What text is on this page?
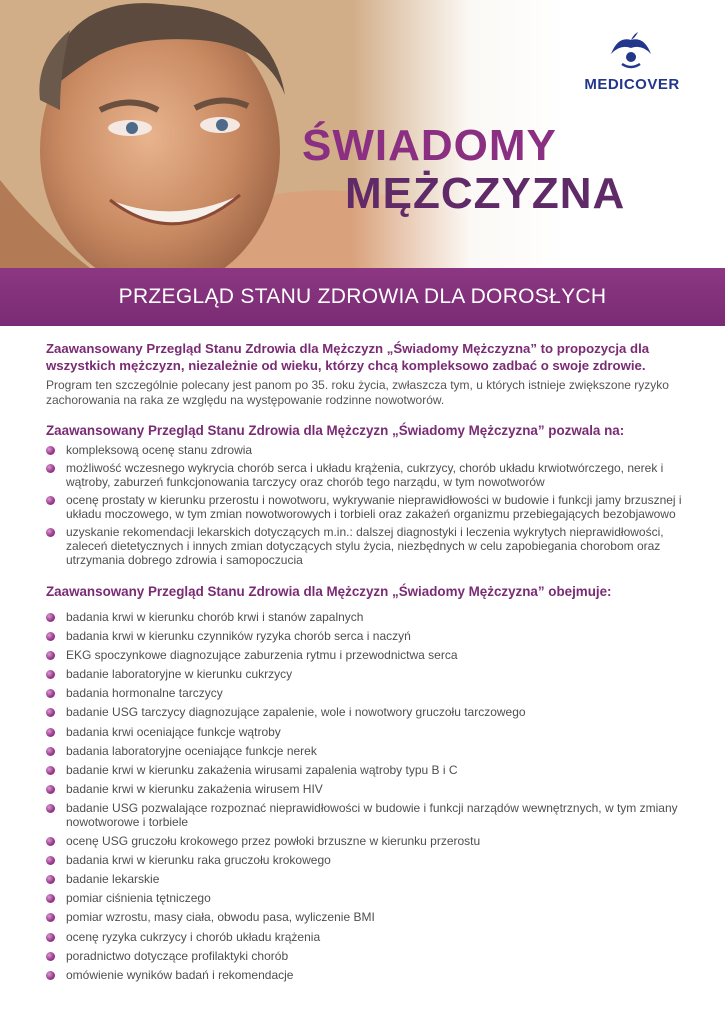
MEDICOVER
ŚWIADOMY
MĘŻCZYZNA
PRZEGLĄD STANU ZDROWIA DLA DOROSŁYCH

Zaawansowany Przegląd Stanu Zdrowia dla Mężczyzn „Świadomy Mężczyzna” to propozycja dla wszystkich mężczyzn, niezależnie od wieku, którzy chcą kompleksowo zadbać o swoje zdrowie.

Program ten szczególnie polecany jest panom po 35. roku życia, zwłaszcza tym, u których istnieje zwiększone ryzyko zachorowania na raka ze względu na występowanie rodzinne nowotworów.

Zaawansowany Przegląd Stanu Zdrowia dla Mężczyzn „Świadomy Mężczyzna” pozwala na:
kompleksową ocenę stanu zdrowia
możliwość wczesnego wykrycia chorób serca i układu krążenia, cukrzycy, chorób układu krwiotwórczego, nerek i wątroby, zaburzeń funkcjonowania tarczycy oraz chorób tego narządu, w tym nowotworów
ocenę prostaty w kierunku przerostu i nowotworu, wykrywanie nieprawidłowości w budowie i funkcji jamy brzusznej i układu moczowego, w tym zmian nowotworowych i torbieli oraz zakażeń organizmu przebiegających bezobjawowo
uzyskanie rekomendacji lekarskich dotyczących m.in.: dalszej diagnostyki i leczenia wykrytych nieprawidłowości, zaleceń dietetycznych i innych zmian dotyczących stylu życia, niezbędnych w celu zapobiegania chorobom oraz utrzymania dobrego zdrowia i samopoczucia
Zaawansowany Przegląd Stanu Zdrowia dla Mężczyzn „Świadomy Mężczyzna” obejmuje:
badania krwi w kierunku chorób krwi i stanów zapalnych
badania krwi w kierunku czynników ryzyka chorób serca i naczyń
EKG spoczynkowe diagnozujące zaburzenia rytmu i przewodnictwa serca
badanie laboratoryjne w kierunku cukrzycy
badania hormonalne tarczycy
badanie USG tarczycy diagnozujące zapalenie, wole i nowotwory gruczołu tarczowego
badania krwi oceniające funkcje wątroby
badania laboratoryjne oceniające funkcje nerek
badanie krwi w kierunku zakażenia wirusami zapalenia wątroby typu B i C
badanie krwi w kierunku zakażenia wirusem HIV
badanie USG pozwalające rozpoznać nieprawidłowości w budowie i funkcji narządów wewnętrznych, w tym zmiany nowotworowe i torbiele
ocenę USG gruczołu krokowego przez powłoki brzuszne w kierunku przerostu
badania krwi w kierunku raka gruczołu krokowego
badanie lekarskie
pomiar ciśnienia tętniczego
pomiar wzrostu, masy ciała, obwodu pasa, wyliczenie BMI
ocenę ryzyka cukrzycy i chorób układu krążenia
poradnictwo dotyczące profilaktyki chorób
omówienie wyników badań i rekomendacje
